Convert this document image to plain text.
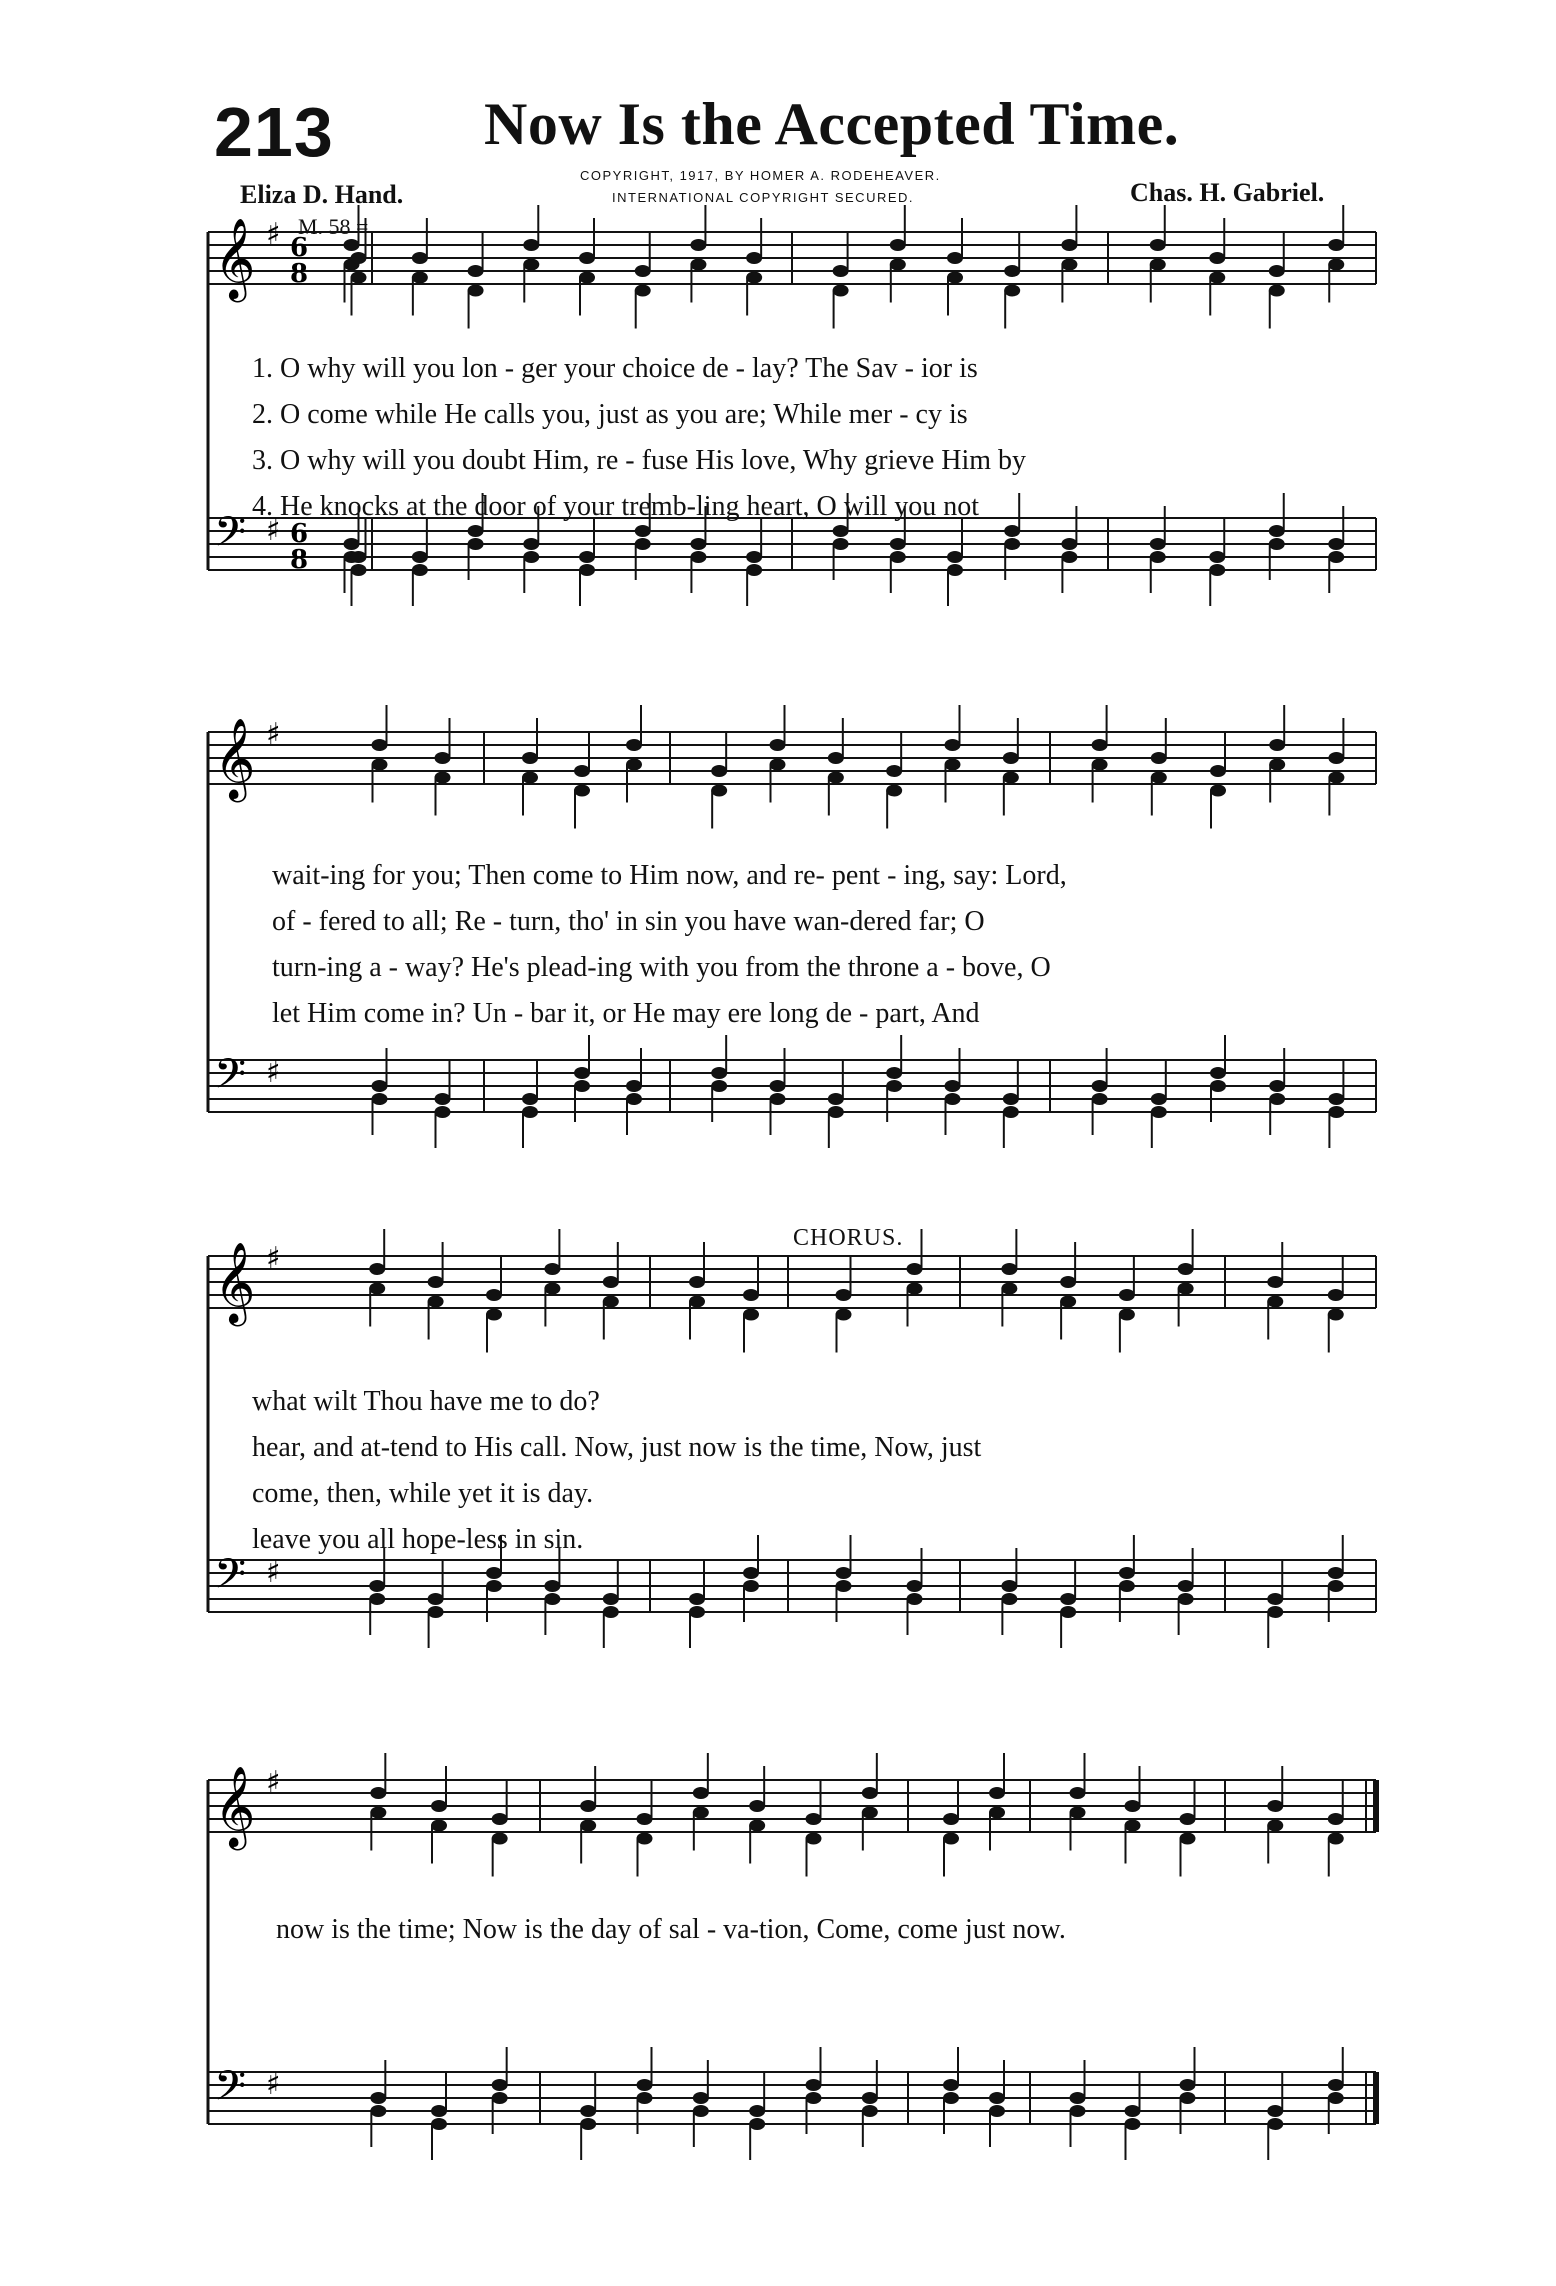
213	Now Is the Accepted Time.
COPYRIGHT, 1917, BY HOMER A. RODEHEAVER.
INTERNATIONAL COPYRIGHT SECURED.
Eliza D. Hand.	Chas. H. Gabriel.
M. 58 =
CHORUS.
𝄞 ♯ 6
8
𝄢 ♯ 6
8
𝄞 ♯
𝄢 ♯
𝄞 ♯
𝄢 ♯
𝄞 ♯
𝄢 ♯
1. O why will you lon - ger your choice de - lay? The Sav - ior is
2. O come while He calls you, just as you are; While mer - cy is
3. O why will you doubt Him, re - fuse His love, Why grieve Him by
4. He knocks at the door of your tremb-ling heart, O will you not
wait-ing for you; Then come to Him now, and re- pent - ing, say: Lord,
of - fered to all; Re - turn, tho' in sin you have wan-dered far; O
turn-ing a - way? He's plead-ing with you from the throne a - bove, O
let Him come in? Un - bar it, or He may ere long de - part, And
what wilt Thou have me to do?
hear, and at-tend to His call. Now, just now is the time, Now, just
come, then, while yet it is day.
leave you all hope-less in sin.
now is the time; Now is the day of sal - va-tion, Come, come just now.
